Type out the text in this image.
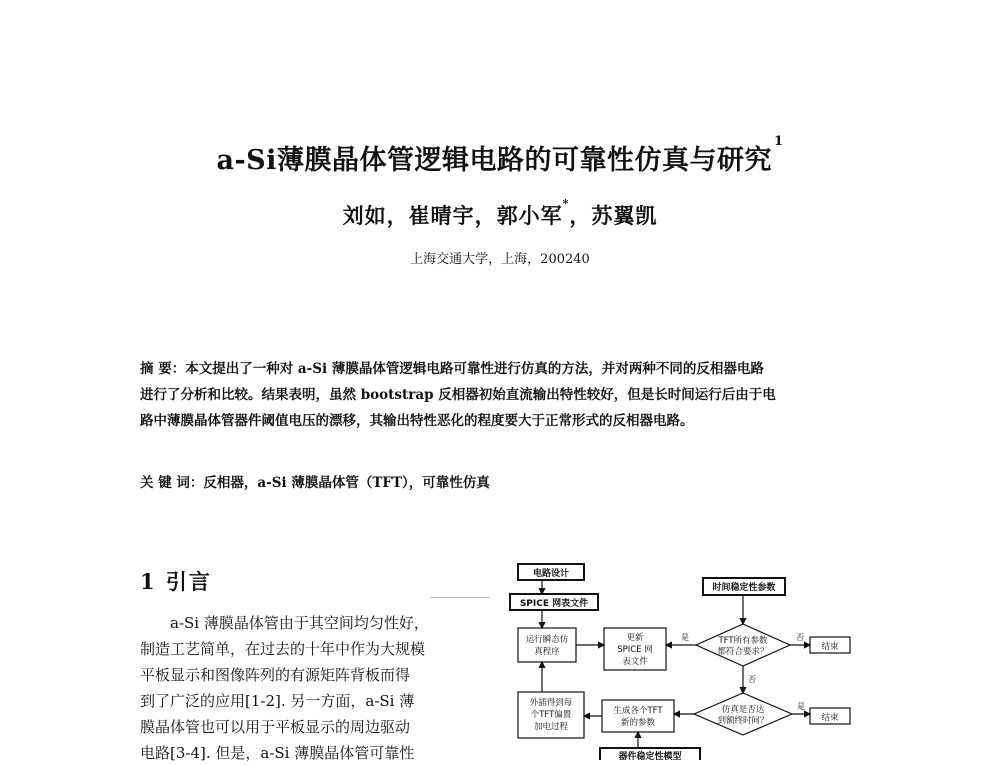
a-Si薄膜晶体管逻辑电路的可靠性仿真与研究$^1$
刘如，崔晴宇，郭小军*，苏翼凯
上海交通大学，上海，200240
摘 要：本文提出了一种对 a-Si 薄膜晶体管逻辑电路可靠性进行仿真的方法，并对两种不同的反相器电路
进行了分析和比较。结果表明，虽然 bootstrap 反相器初始直流输出特性较好，但是长时间运行后由于电
路中薄膜晶体管器件阈值电压的漂移，其输出特性恶化的程度要大于正常形式的反相器电路。
关 键 词：反相器，a-Si 薄膜晶体管（TFT），可靠性仿真
1 引言
a-Si 薄膜晶体管由于其空间均匀性好，
制造工艺简单，在过去的十年中作为大规模
平板显示和图像阵列的有源矩阵背板而得
到了广泛的应用[1-2]. 另一方面，a-Si 薄
膜晶体管也可以用于平板显示的周边驱动
电路[3-4]. 但是，a-Si 薄膜晶体管可靠性
电路设计
SPICE 网表文件
时间稳定性参数
器件稳定性模型
运行瞬态仿
真程序
更新
SPICE 网
表文件
TFT所有参数
都符合要求？	结束
外插得到每
个TFT偏置
加电过程
生成各个TFT
新的参数
仿真是否达
到额终时间？	结束
是	否
否
是
